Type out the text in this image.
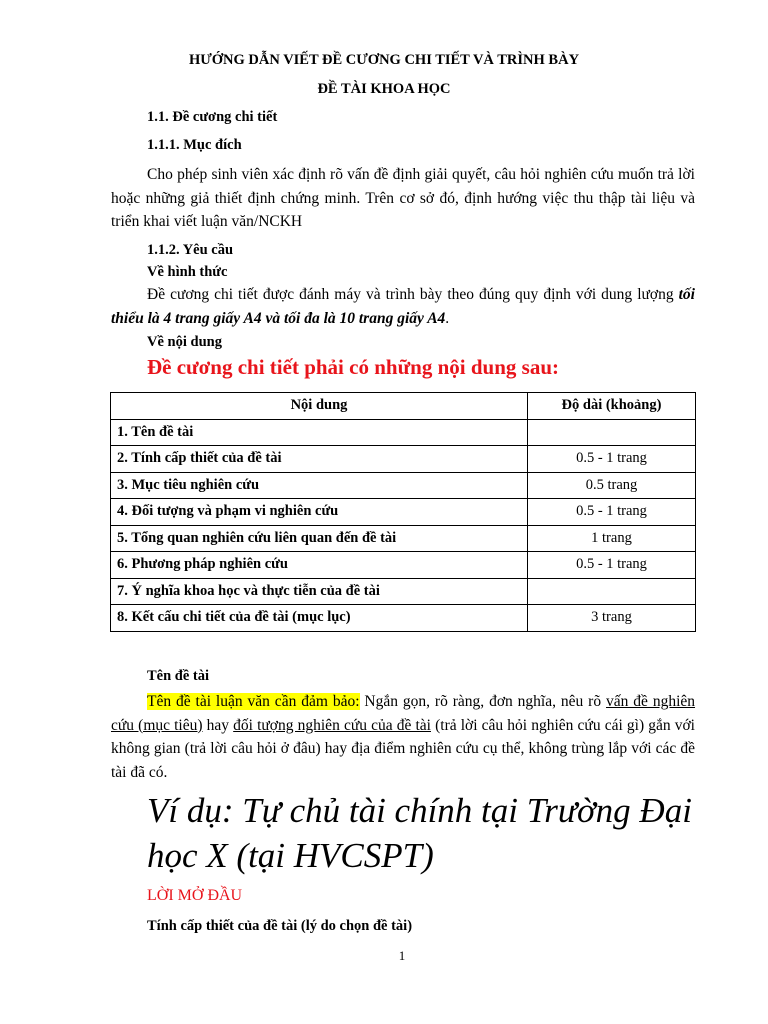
HƯỚNG DẪN VIẾT ĐỀ CƯƠNG CHI TIẾT VÀ TRÌNH BÀY
ĐỀ TÀI KHOA HỌC
1.1. Đề cương chi tiết
1.1.1. Mục đích

Cho phép sinh viên xác định rõ vấn đề định giải quyết, câu hỏi nghiên cứu muốn trả lời hoặc những giả thiết định chứng minh. Trên cơ sở đó, định hướng việc thu thập tài liệu và triển khai viết luận văn/NCKH

1.1.2. Yêu cầu
Về hình thức

Đề cương chi tiết được đánh máy và trình bày theo đúng quy định với dung lượng tối thiểu là 4 trang giấy A4 và tối đa là 10 trang giấy A4.

Về nội dung
Đề cương chi tiết phải có những nội dung sau:
Nội dung	Độ dài (khoảng)
1. Tên đề tài	
2. Tính cấp thiết của đề tài	0.5 - 1 trang
3. Mục tiêu nghiên cứu	0.5 trang
4. Đối tượng và phạm vi nghiên cứu	0.5 - 1 trang
5. Tổng quan nghiên cứu liên quan đến đề tài	1 trang
6. Phương pháp nghiên cứu	0.5 - 1 trang
7. Ý nghĩa khoa học và thực tiễn của đề tài	
8. Kết cấu chi tiết của đề tài (mục lục)	3 trang
Tên đề tài

Tên đề tài luận văn cần đảm bảo: Ngắn gọn, rõ ràng, đơn nghĩa, nêu rõ vấn đề nghiên cứu (mục tiêu) hay đối tượng nghiên cứu của đề tài (trả lời câu hỏi nghiên cứu cái gì) gắn với không gian (trả lời câu hỏi ở đâu) hay địa điểm nghiên cứu cụ thể, không trùng lắp với các đề tài đã có.

Ví dụ: Tự chủ tài chính tại Trường Đại học X (tại HVCSPT)
LỜI MỞ ĐẦU
Tính cấp thiết của đề tài (lý do chọn đề tài)
1
